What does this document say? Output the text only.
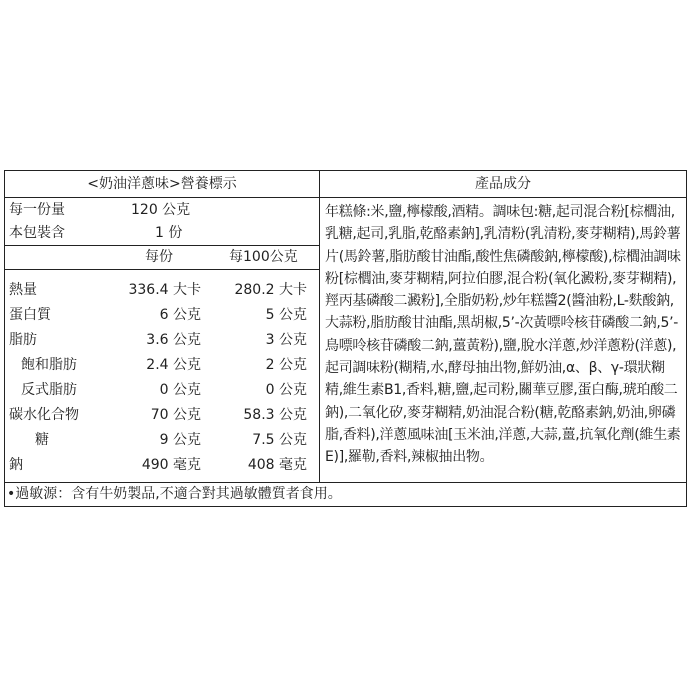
<奶油洋蔥味>營養標示
每一份量	120 公克
本包裝含	1 份
每份	每100公克
熱量	336.4 大卡 280.2 大卡
蛋白質	6 公克	5 公克
脂肪	3.6 公克	3 公克
飽和脂肪	2.4 公克	2 公克
反式脂肪	0 公克	0 公克
碳水化合物	70 公克	58.3 公克
糖	9 公克	7.5 公克
鈉	490 毫克	408 毫克
產品成分
年糕條:米,鹽,檸檬酸,酒精。調味包:糖,起司混合粉[棕櫚油,乳糖,起司,乳脂,乾酪素鈉],乳清粉(乳清粉,麥芽糊精),馬鈴薯片(馬鈴薯,脂肪酸甘油酯,酸性焦磷酸鈉,檸檬酸),棕櫚油調味粉[棕櫚油,麥芽糊精,阿拉伯膠,混合粉(氧化澱粉,麥芽糊精),羥丙基磷酸二澱粉],全脂奶粉,炒年糕醬2(醬油粉,L-麩酸鈉,大蒜粉,脂肪酸甘油酯,黑胡椒,5’-次黃嘌呤核苷磷酸二鈉,5’-鳥嘌呤核苷磷酸二鈉,薑黃粉),鹽,脫水洋蔥,炒洋蔥粉(洋蔥),起司調味粉(糊精,水,酵母抽出物,鮮奶油,α、β、γ-環狀糊精,維生素B1,香料,糖,鹽,起司粉,關華豆膠,蛋白酶,琥珀酸二鈉),二氧化矽,麥芽糊精,奶油混合粉(糖,乾酪素鈉,奶油,卵磷脂,香料),洋蔥風味油[玉米油,洋蔥,大蒜,薑,抗氧化劑(維生素E)],羅勒,香料,辣椒抽出物。
•過敏源：含有牛奶製品,不適合對其過敏體質者食用。
